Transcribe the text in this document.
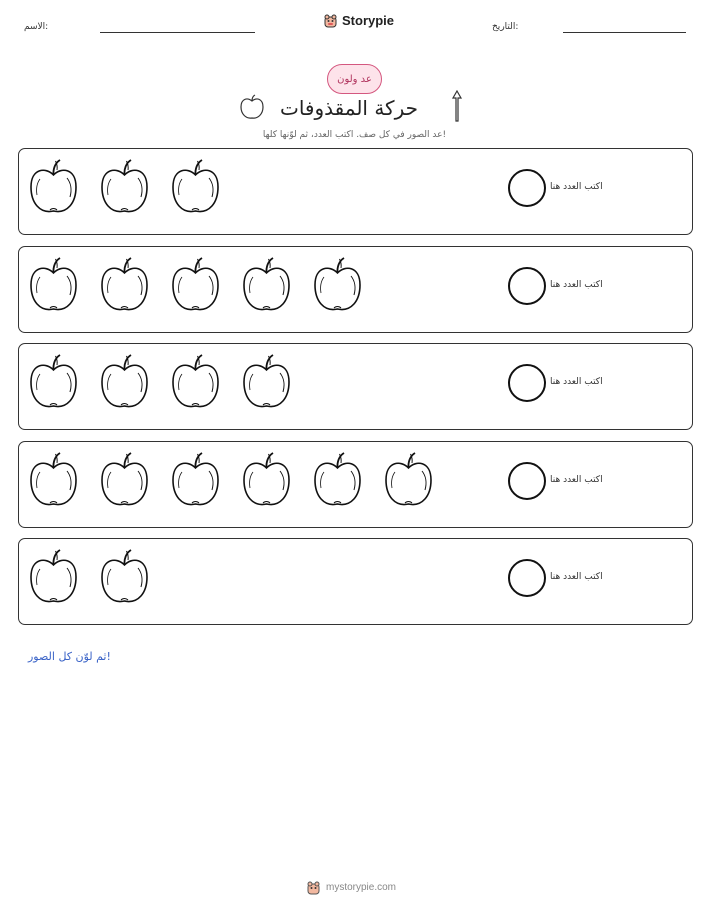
الاسم:	Storypie	التاريخ:
عد ولون
حركة المقذوفات
عد الصور في كل صف. اكتب العدد، ثم لوّنها كلها!
اكتب العدد هنا
اكتب العدد هنا
اكتب العدد هنا
اكتب العدد هنا
اكتب العدد هنا
ثم لوّن كل الصور!
mystorypie.com
